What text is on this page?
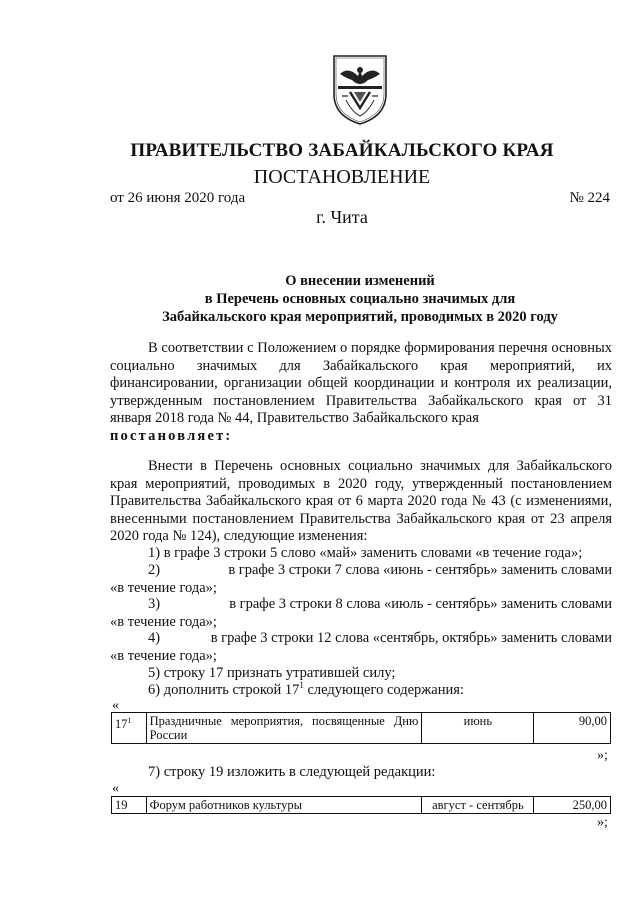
ПРАВИТЕЛЬСТВО ЗАБАЙКАЛЬСКОГО КРАЯ
ПОСТАНОВЛЕНИЕ
от 26 июня 2020 года	№ 224
г. Чита
О внесении изменений
в Перечень основных социально значимых для
Забайкальского края мероприятий, проводимых в 2020 году

В соответствии с Положением о порядке формирования перечня основных социально значимых для Забайкальского края мероприятий, их финансировании, организации общей координации и контроля их реализации, утвержденным постановлением Правительства Забайкальского края от 31 января 2018 года № 44, Правительство Забайкальского края
постановляет:

Внести в Перечень основных социально значимых для Забайкальского края мероприятий, проводимых в 2020 году, утвержденный постановлением Правительства Забайкальского края от 6 марта 2020 года № 43 (с изменениями, внесенными постановлением Правительства Забайкальского края от 23 апреля 2020 года № 124), следующие изменения:

1) в графе 3 строки 5 слово «май» заменить словами «в течение года»;
2)	в графе 3 строки 7 слова «июнь - сентябрь» заменить словами
«в течение года»;
3)	в графе 3 строки 8 слова «июль - сентябрь» заменить словами
«в течение года»;
4)	в графе 3 строки 12 слова «сентябрь, октябрь» заменить словами
«в течение года»;
5) строку 17 признать утратившей силу;
6) дополнить строкой $17^1$ следующего содержания:
«
$17^1$	Праздничные мероприятия, посвященные Дню России	июнь	90,00
»;
7) строку 19 изложить в следующей редакции:
«
19	Форум работников культуры	август - сентябрь	250,00
»;
